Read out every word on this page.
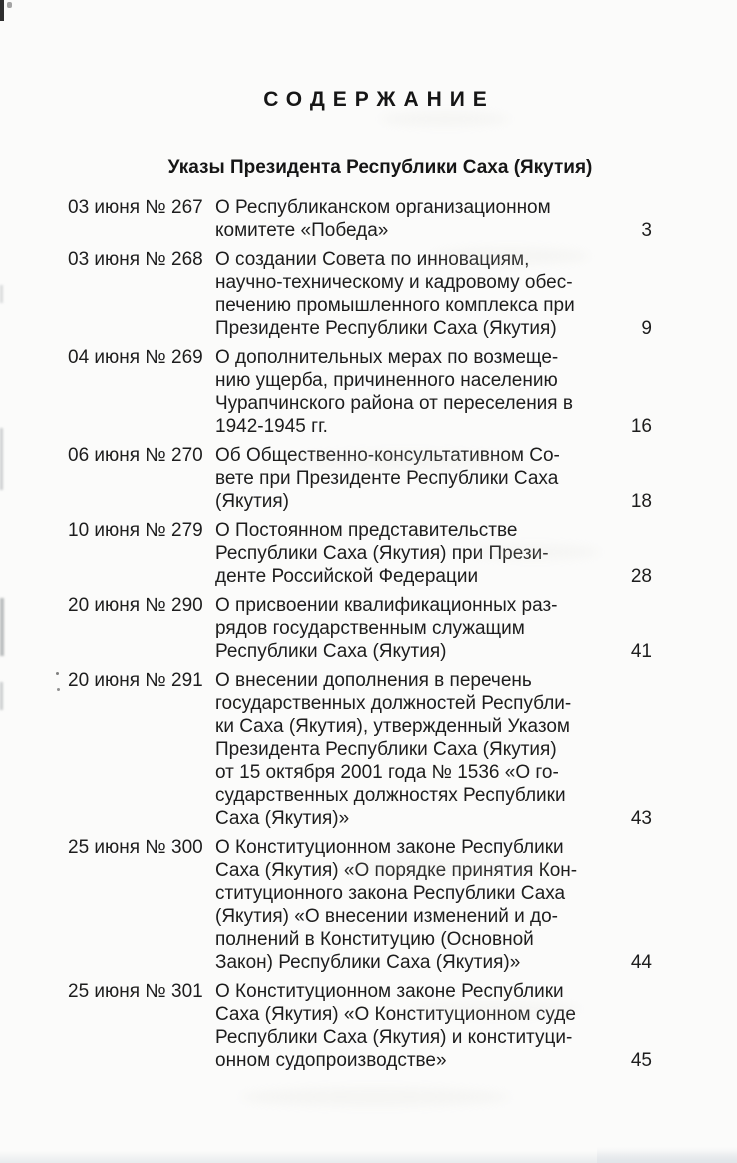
СОДЕРЖАНИЕ
Указы Президента Республики Саха (Якутия)
03 июня № 267 О Республиканском организационном
комитете «Победа»	3
03 июня № 268 О создании Совета по инновациям,
научно-техническому и кадровому обес-
печению промышленного комплекса при
Президенте Республики Саха (Якутия)	9
04 июня № 269 О дополнительных мерах по возмеще-
нию ущерба, причиненного населению
Чурапчинского района от переселения в
1942-1945 гг.	16
06 июня № 270 Об Общественно-консультативном Со-
вете при Президенте Республики Саха
(Якутия)	18
10 июня № 279 О Постоянном представительстве
Республики Саха (Якутия) при Прези-
денте Российской Федерации	28
20 июня № 290 О присвоении квалификационных раз-
рядов государственным служащим
Республики Саха (Якутия)	41
20 июня № 291 О внесении дополнения в перечень
государственных должностей Республи-
ки Саха (Якутия), утвержденный Указом
Президента Республики Саха (Якутия)
от 15 октября 2001 года № 1536 «О го-
сударственных должностях Республики
Саха (Якутия)»	43
25 июня № 300 О Конституционном законе Республики
Саха (Якутия) «О порядке принятия Кон-
ституционного закона Республики Саха
(Якутия) «О внесении изменений и до-
полнений в Конституцию (Основной
Закон) Республики Саха (Якутия)»	44
25 июня № 301 О Конституционном законе Республики
Саха (Якутия) «О Конституционном суде
Республики Саха (Якутия) и конституци-
онном судопроизводстве»	45
